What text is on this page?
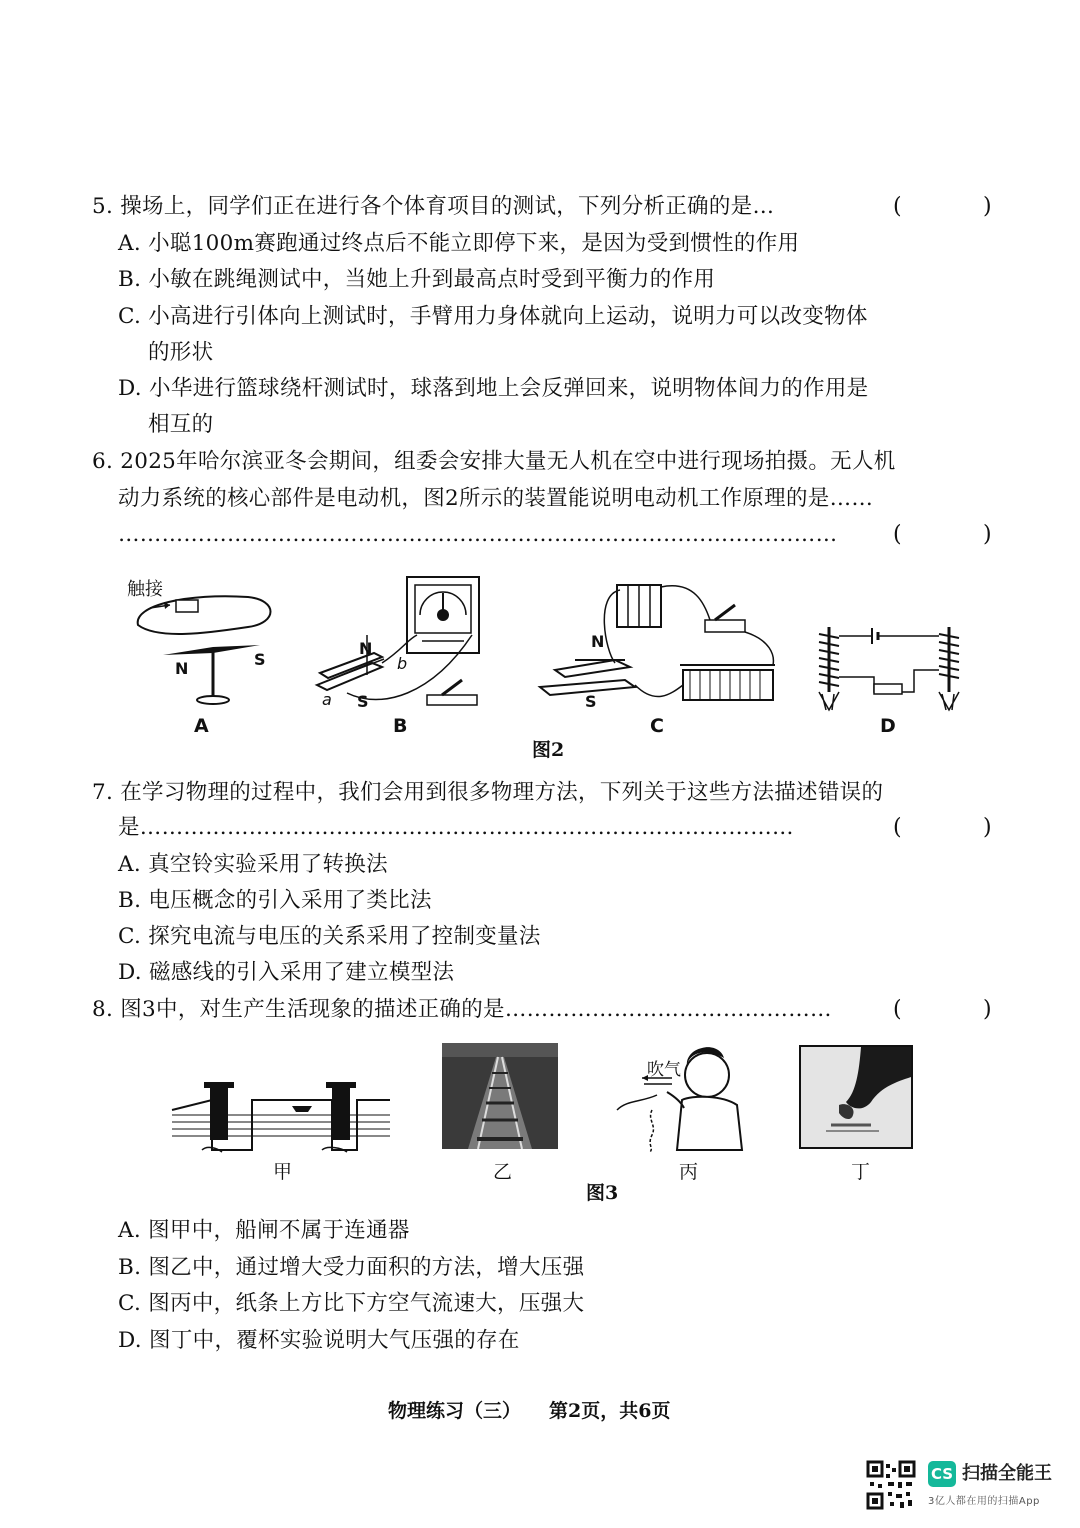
5. 操场上，同学们正在进行各个体育项目的测试，下列分析正确的是…	(	)
A. 小聪100m赛跑通过终点后不能立即停下来，是因为受到惯性的作用
B. 小敏在跳绳测试中，当她上升到最高点时受到平衡力的作用
C. 小高进行引体向上测试时，手臂用力身体就向上运动，说明力可以改变物体
的形状
D. 小华进行篮球绕杆测试时，球落到地上会反弹回来，说明物体间力的作用是
相互的
6. 2025年哈尔滨亚冬会期间，组委会安排大量无人机在空中进行现场拍摄。无人机
动力系统的核心部件是电动机，图2所示的装置能说明电动机工作原理的是……
………………………………………………………………………………………	(	)
触接
N	S
A
N
S
a
b
B
N
S
C	D
图2
7. 在学习物理的过程中，我们会用到很多物理方法，下列关于这些方法描述错误的
是………………………………………………………………………………	(	)
A. 真空铃实验采用了转换法
B. 电压概念的引入采用了类比法
C. 探究电流与电压的关系采用了控制变量法
D. 磁感线的引入采用了建立模型法
8. 图3中，对生产生活现象的描述正确的是………………………………………	(	)
甲	乙
吹气
丙	丁
图3
A. 图甲中，船闸不属于连通器
B. 图乙中，通过增大受力面积的方法，增大压强
C. 图丙中，纸条上方比下方空气流速大，压强大
D. 图丁中，覆杯实验说明大气压强的存在
物理练习（三） 第2页，共6页
CS 扫描全能王
3亿人都在用的扫描App
